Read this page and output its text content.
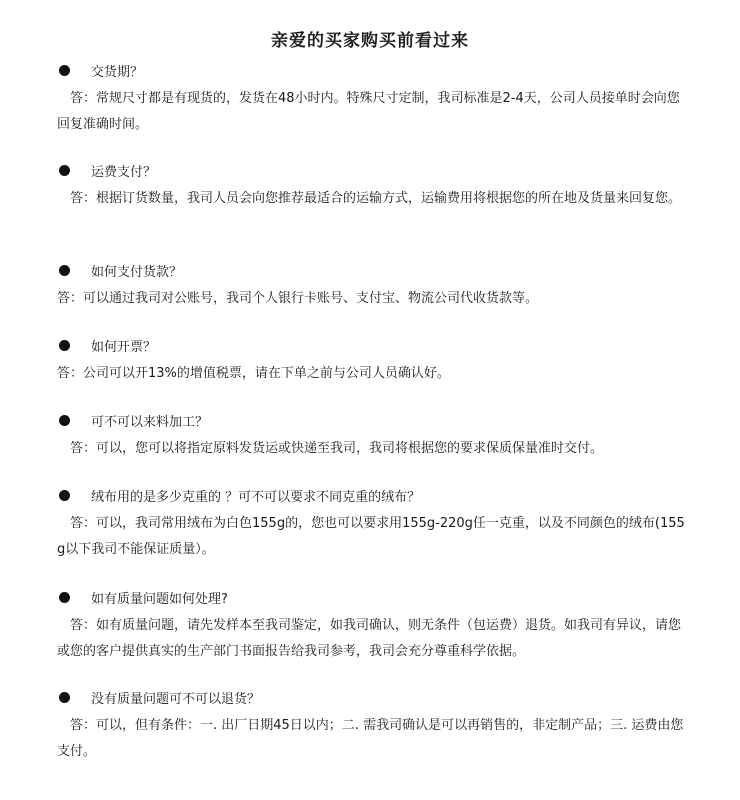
亲爱的买家购买前看过来
交货期？
答：常规尺寸都是有现货的，发货在48小时内。特殊尺寸定制，我司标准是2-4天，公司人员接单时会向您回复准确时间。
运费支付？
答：根据订货数量，我司人员会向您推荐最适合的运输方式，运输费用将根据您的所在地及货量来回复您。
如何支付货款？
答：可以通过我司对公账号，我司个人银行卡账号、支付宝、物流公司代收货款等。
如何开票？
答：公司可以开13%的增值税票，请在下单之前与公司人员确认好。
可不可以来料加工？
答：可以，您可以将指定原料发货运或快递至我司，我司将根据您的要求保质保量准时交付。
绒布用的是多少克重的 ？可不可以要求不同克重的绒布？
答：可以，我司常用绒布为白色155g的，您也可以要求用155g-220g任一克重，以及不同颜色的绒布(155g以下我司不能保证质量）。
如有质量问题如何处理?
答：如有质量问题，请先发样本至我司鉴定，如我司确认，则无条件（包运费）退货。如我司有异议，请您或您的客户提供真实的生产部门书面报告给我司参考，我司会充分尊重科学依据。
没有质量问题可不可以退货？
答：可以，但有条件：一. 出厂日期45日以内；二. 需我司确认是可以再销售的，非定制产品；三. 运费由您支付。
